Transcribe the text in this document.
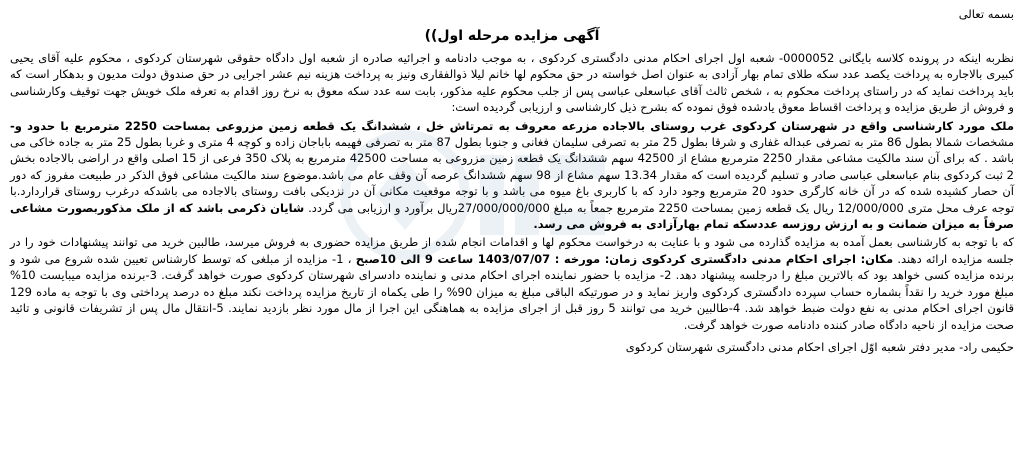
بسمه تعالی
آگهی مزایده مرحله اول))

نظربه اینکه در پرونده کلاسه بایگانی 0000052- شعبه اول اجرای احکام مدنی دادگستری کردکوی ، به موجب دادنامه و اجرائیه صادره از شعبه اول دادگاه حقوقی شهرستان کردکوی ، محکوم علیه آقای یحیی کبیری بالاجاره به پرداخت یکصد عدد سکه طلای تمام بهار آزادی به عنوان اصل خواسته در حق محکوم لها خانم لیلا ذوالفقاری ونیز به پرداخت هزینه نیم عشر اجرایی در حق صندوق دولت مدیون و بدهکار است که باید پرداخت نماید که در راستای پرداخت محکوم به ، شخص ثالث آقای عباسعلی عباسی پس از جلب محکوم علیه مذکور، بابت سه عدد سکه معوق به نرخ روز اقدام به تعرفه ملک خویش جهت توقیف وکارشناسی و فروش از طریق مزایده و پرداخت اقساط معوق یادشده فوق نموده که بشرح ذیل کارشناسی و ارزیابی گردیده است:

ملک مورد کارشناسی واقع در شهرستان کردکوی غرب روستای بالاجاده مزرعه معروف به تمرتاش خل ، ششدانگ یک قطعه زمین مزروعی بمساحت 2250 مترمربع با حدود و- مشخصات شمالا بطول 86 متر به تصرفی عبداله غفاری و شرقا بطول 25 متر به تصرفی سلیمان فغانی و جنوبا بطول 87 متر به تصرفی فهیمه باباجان زاده و کوچه 4 متری و غربا بطول 25 متر به جاده خاکی می باشد . که برای آن سند مالکیت مشاعی مقدار 2250 مترمربع مشاع از 42500 سهم ششدانگ یک قطعه زمین مزروعی به مساحت 42500 مترمربع به پلاک 350 فرعی از 15 اصلی واقع در اراضی بالاجاده بخش 2 ثبت کردکوی بنام عباسعلی عباسی صادر و تسلیم گردیده است که مقدار 13.34 سهم مشاع از 98 سهم ششدانگ عرصه آن وقف عام می باشد.موضوع سند مالکیت مشاعی فوق الذکر در طبیعت مفروز که دور آن حصار کشیده شده که در آن خانه کارگری حدود 20 مترمربع وجود دارد که با کاربری باغ میوه می باشد و با توجه موقعیت مکانی آن در نزدیکی بافت روستای بالاجاده می باشدکه درغرب روستای قراردارد.با توجه عرف محل متری 12/000/000 ریال یک قطعه زمین بمساحت 2250 مترمربع جمعاً به مبلغ 27/000/000/000ریال برآورد و ارزیابی می گردد. شایان ذکرمی باشد که از ملک مذکوربصورت مشاعی صرفاً به میزان ضمانت و به ارزش روزسه عددسکه تمام بهارآزادی به فروش می رسد.

که با توجه به کارشناسی بعمل آمده به مزایده گذارده می شود و با عنایت به درخواست محکوم لها و اقدامات انجام شده از طریق مزایده حضوری به فروش میرسد، طالبین خرید می توانند پیشنهادات خود را در جلسه مزایده ارائه دهند. مکان: اجرای احکام مدنی دادگستری کردکوی زمان: مورخه : 1403/07/07 ساعت 9 الی 10صبح ، 1- مزایده از مبلغی که توسط کارشناس تعیین شده شروع می شود و برنده مزایده کسی خواهد بود که بالاترین مبلغ را درجلسه پیشنهاد دهد. 2- مزایده با حضور نماینده اجرای احکام مدنی و نماینده دادسرای شهرستان کردکوی صورت خواهد گرفت. 3-برنده مزایده میبایست 10% مبلغ مورد خرید را نقداً بشماره حساب سپرده دادگستری کردکوی واریز نماید و در صورتیکه الباقی مبلغ به میزان 90% را طی یکماه از تاریخ مزایده پرداخت نکند مبلغ ده درصد پرداختی وی با توجه به ماده 129 قانون اجرای احکام مدنی به نفع دولت ضبط خواهد شد. 4-طالبین خرید می توانند 5 روز قبل از اجرای مزایده به هماهنگی این اجرا از مال مورد نظر بازدید نمایند. 5-انتقال مال پس از تشریفات قانونی و تائید صحت مزایده از ناحیه دادگاه صادر کننده دادنامه صورت خواهد گرفت.

حکیمی راد- مدیر دفتر شعبه اوّل اجرای احکام مدنی دادگستری شهرستان کردکوی
